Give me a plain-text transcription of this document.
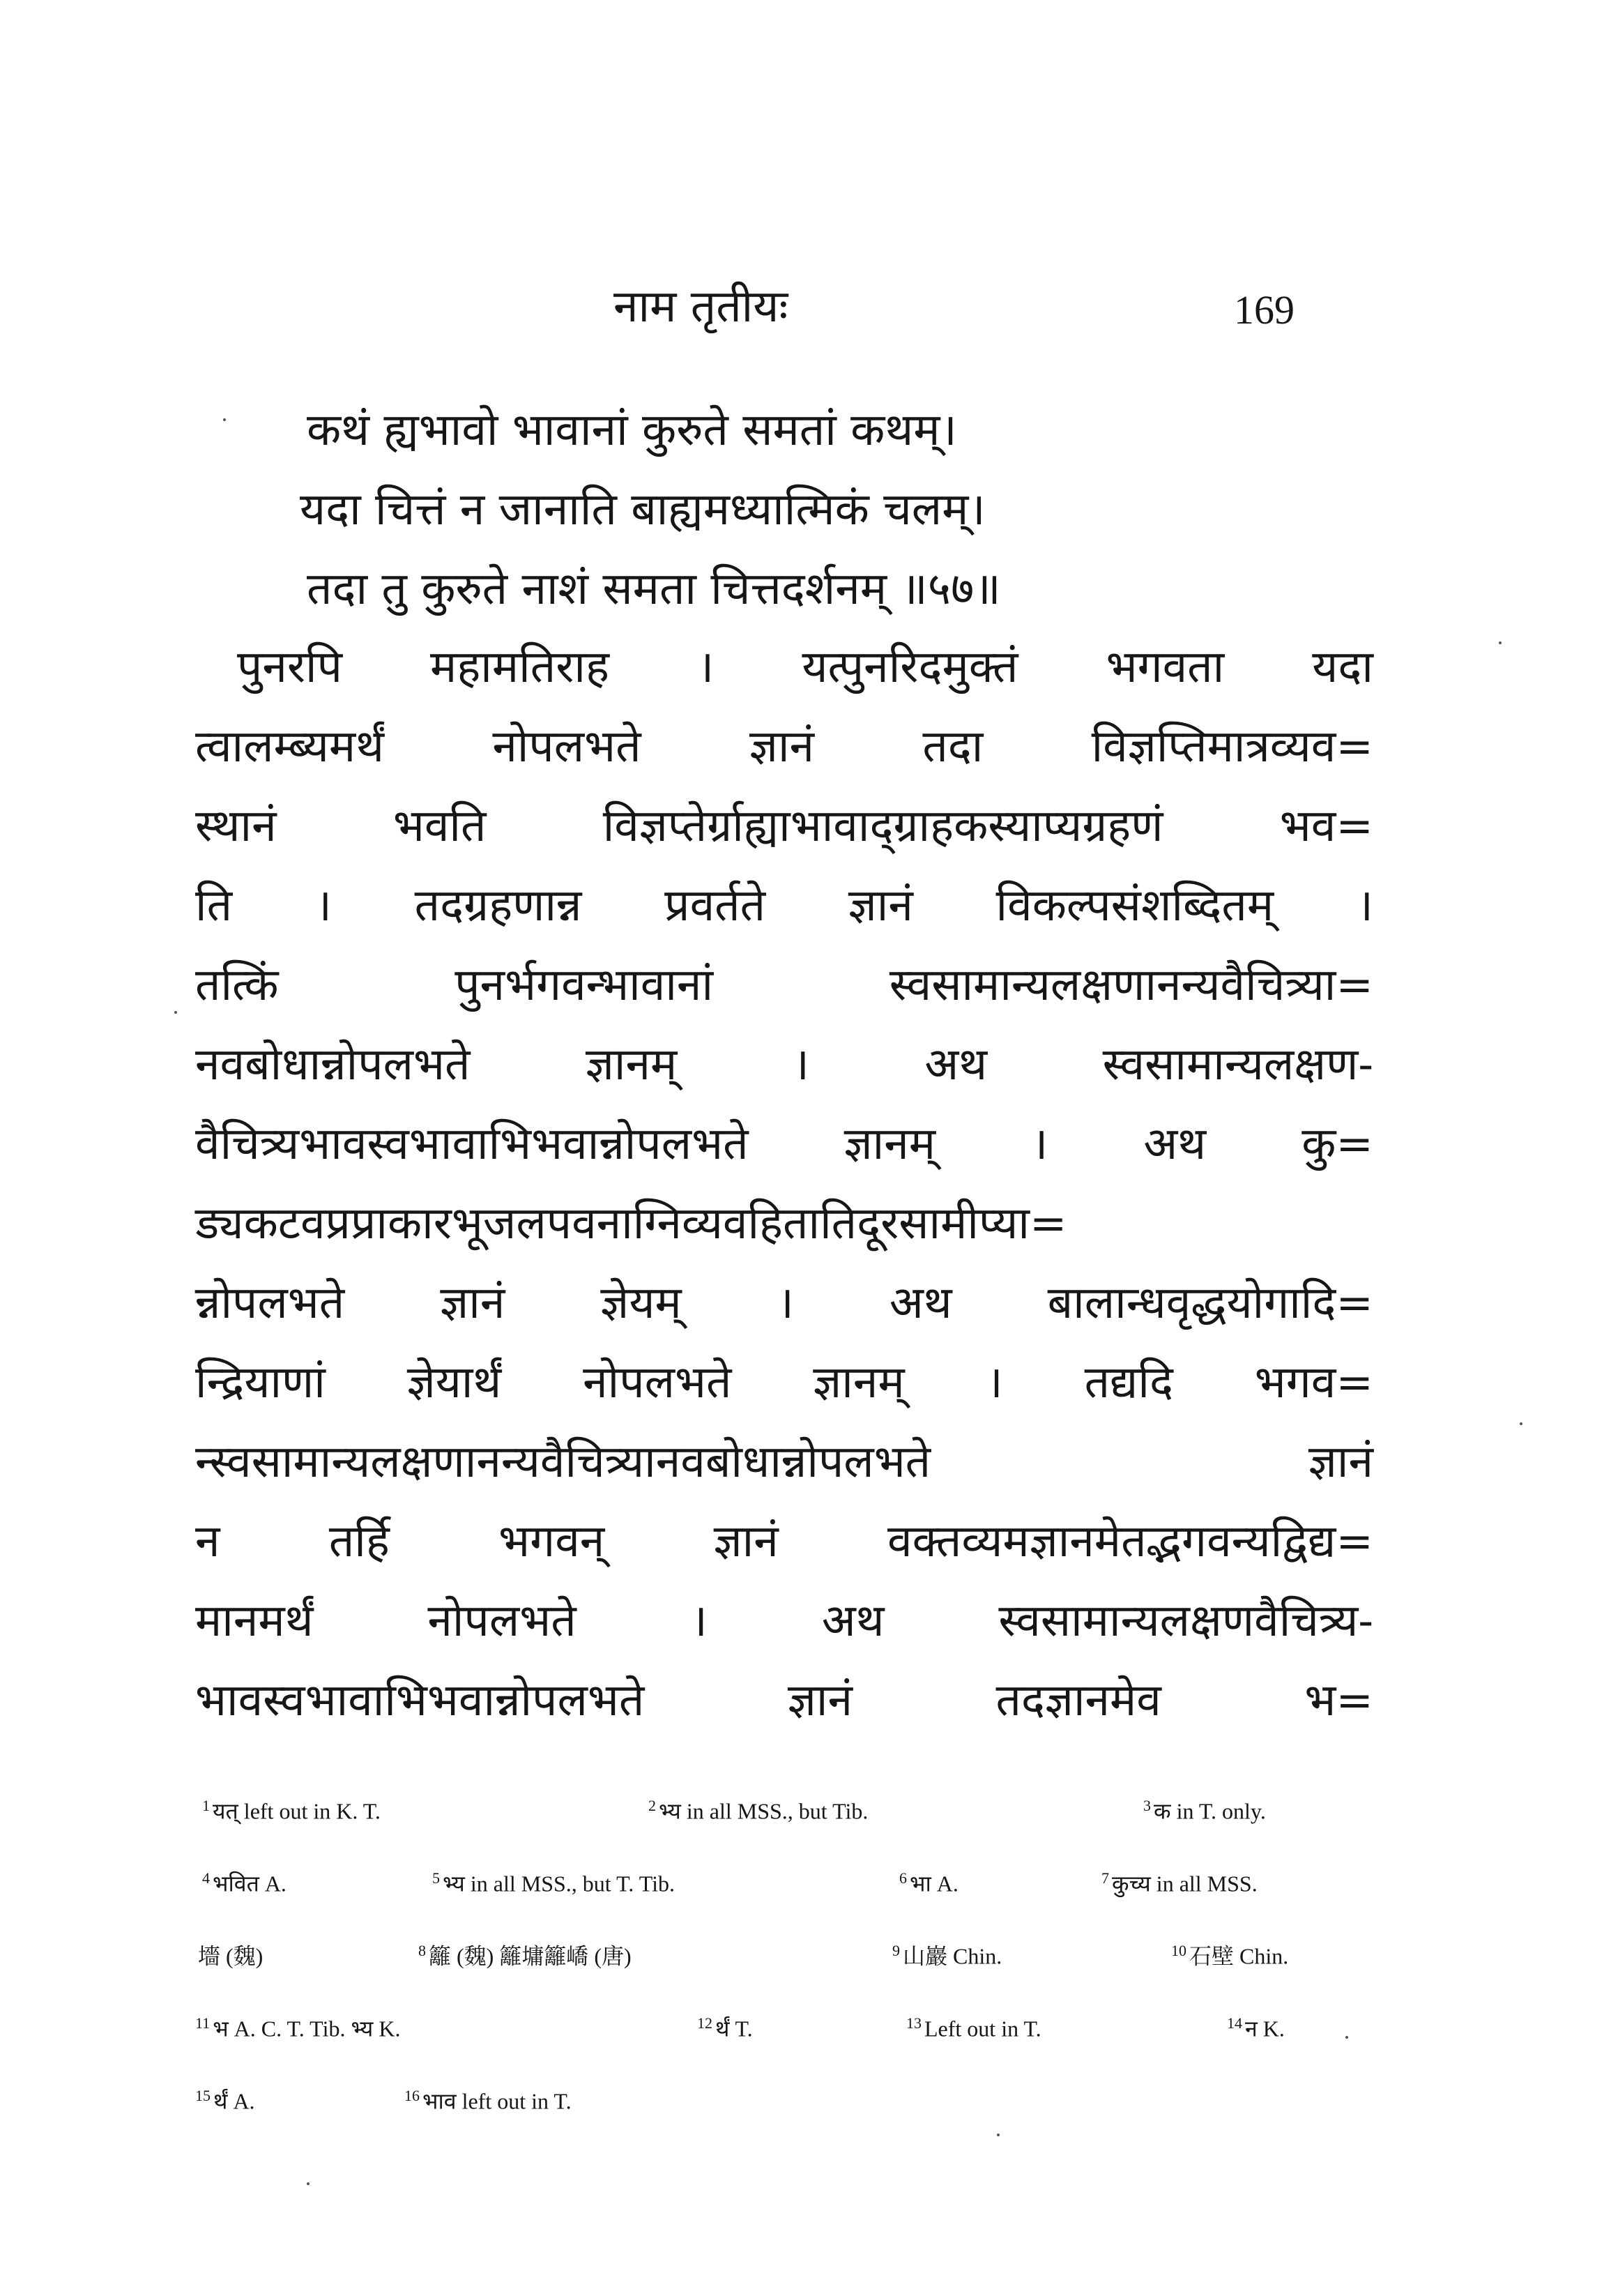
नाम तृतीयः	169
कथं ह्यभावो भावानां कुरुते समतां कथम्।
यदा चित्तं न जानाति बाह्यमध्यात्मिकं चलम्।
तदा तु कुरुते नाशं समता चित्तदर्शनम् ॥५७॥
पुनरपि महामतिराह । यत्पुनरिदमुक्तं भगवता यदा
त्वालम्ब्यमर्थं नोपलभते ज्ञानं तदा विज्ञप्तिमात्रव्यव=
स्थानं भवति विज्ञप्तेर्ग्राह्याभावाद्ग्राहकस्याप्यग्रहणं भव=
ति । तदग्रहणान्न प्रवर्तते ज्ञानं विकल्पसंशब्दितम् ।
तत्किं पुनर्भगवन्भावानां स्वसामान्यलक्षणानन्यवैचित्र्या=
नवबोधान्नोपलभते ज्ञानम् । अथ स्वसामान्यलक्षण-
वैचित्र्यभावस्वभावाभिभवान्नोपलभते ज्ञानम् । अथ कु=
ड्यकटवप्रप्राकारभूजलपवनाग्निव्यवहितातिदूरसामीप्या=
न्नोपलभते ज्ञानं ज्ञेयम् । अथ बालान्धवृद्धयोगादि=
न्द्रियाणां ज्ञेयार्थं नोपलभते ज्ञानम् । तद्यदि भगव=
न्स्वसामान्यलक्षणानन्यवैचित्र्यानवबोधान्नोपलभते ज्ञानं
न तर्हि भगवन् ज्ञानं वक्तव्यमज्ञानमेतद्भगवन्यद्विद्य=
मानमर्थं नोपलभते । अथ स्वसामान्यलक्षणवैचित्र्य-
भावस्वभावाभिभवान्नोपलभते ज्ञानं तदज्ञानमेव भ=
$^1$ यत् left out in K. T.	$^2$ भ्य in all MSS., but Tib.	$^3$ क in T. only.
$^4$ भवित A.	$^5$ भ्य in all MSS., but T. Tib.	$^6$ भा A.	$^7$ कुच्य in all MSS.
墻 (魏)	$^8$ 籬 (魏) 籬墉籬嶠 (唐)	$^9$ 山巖 Chin.	$^{10}$ 石壁 Chin.
$^{11}$ भ A. C. T. Tib. भ्य K.	$^{12}$ र्थं T.	$^{13}$ Left out in T.	$^{14}$ न K.
$^{15}$ र्थं A.	$^{16}$ भाव left out in T.
